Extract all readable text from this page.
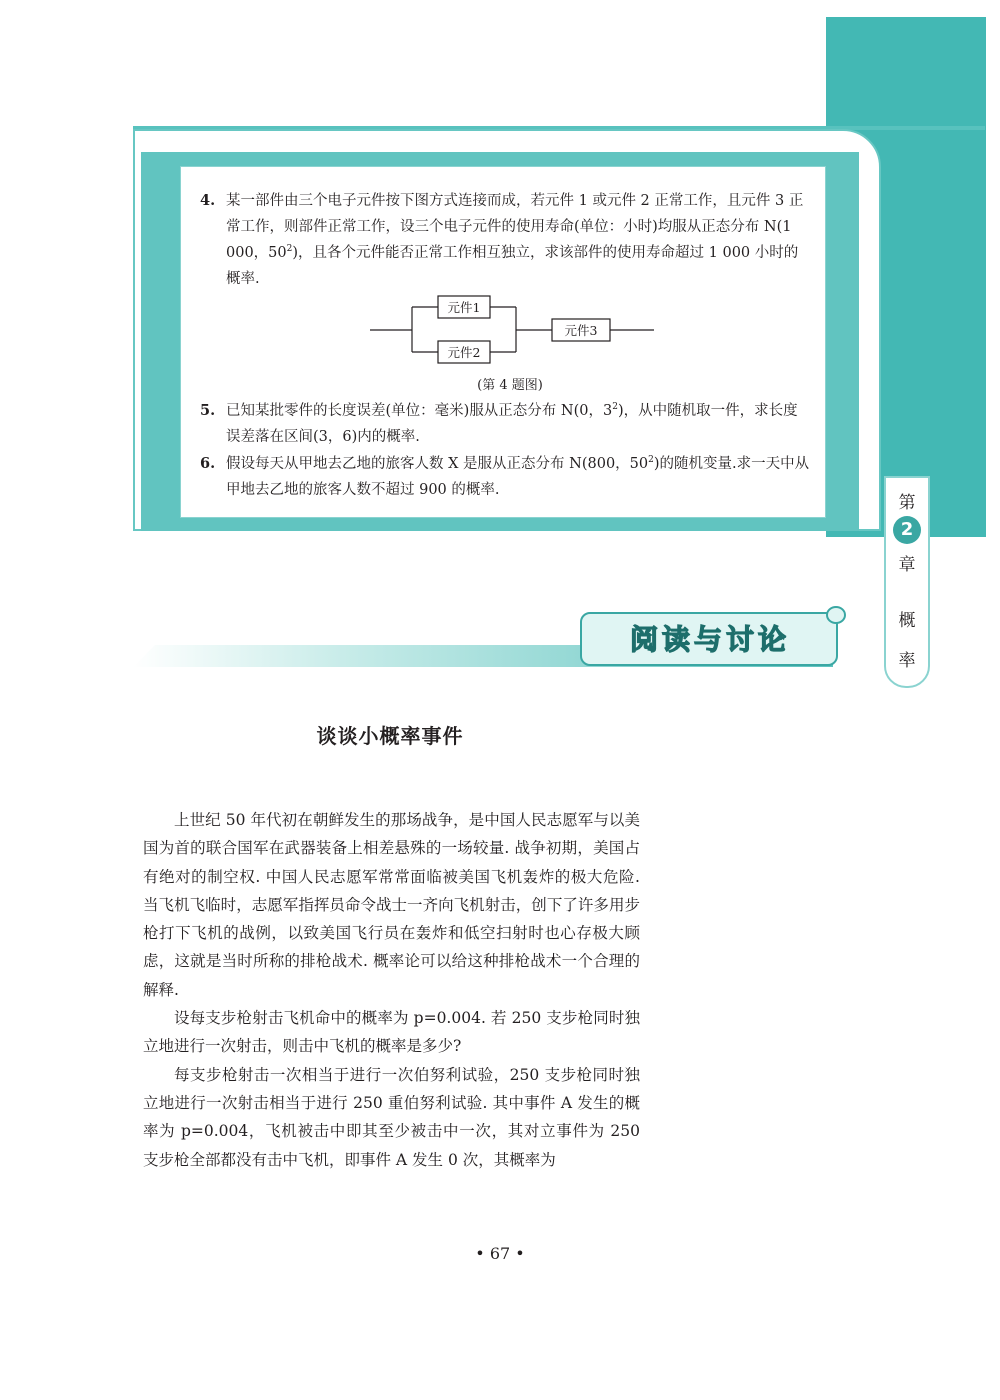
4. 某一部件由三个电子元件按下图方式连接而成，若元件 1 或元件 2 正常工作，且元件 3 正常工作，则部件正常工作，设三个电子元件的使用寿命(单位：小时)均服从正态分布 N(1 000，$50^2$)，且各个元件能否正常工作相互独立，求该部件的使用寿命超过 1 000 小时的概率.
元件1
元件2
元件3
(第 4 题图)
5. 已知某批零件的长度误差(单位：毫米)服从正态分布 N(0，$3^2$)，从中随机取一件，求长度误差落在区间(3，6)内的概率.
6. 假设每天从甲地去乙地的旅客人数 X 是服从正态分布 N(800，$50^2$)的随机变量.求一天中从甲地去乙地的旅客人数不超过 900 的概率.
第
2
章
概
率
阅读与讨论
谈谈小概率事件

上世纪 50 年代初在朝鲜发生的那场战争，是中国人民志愿军与以美国为首的联合国军在武器装备上相差悬殊的一场较量. 战争初期，美国占有绝对的制空权. 中国人民志愿军常常面临被美国飞机轰炸的极大危险. 当飞机飞临时，志愿军指挥员命令战士一齐向飞机射击，创下了许多用步枪打下飞机的战例，以致美国飞行员在轰炸和低空扫射时也心存极大顾虑，这就是当时所称的排枪战术. 概率论可以给这种排枪战术一个合理的解释.

设每支步枪射击飞机命中的概率为 p=0.004. 若 250 支步枪同时独立地进行一次射击，则击中飞机的概率是多少?

每支步枪射击一次相当于进行一次伯努利试验，250 支步枪同时独立地进行一次射击相当于进行 250 重伯努利试验. 其中事件 A 发生的概率为 p=0.004，飞机被击中即其至少被击中一次，其对立事件为 250 支步枪全部都没有击中飞机，即事件 A 发生 0 次，其概率为

• 67 •
